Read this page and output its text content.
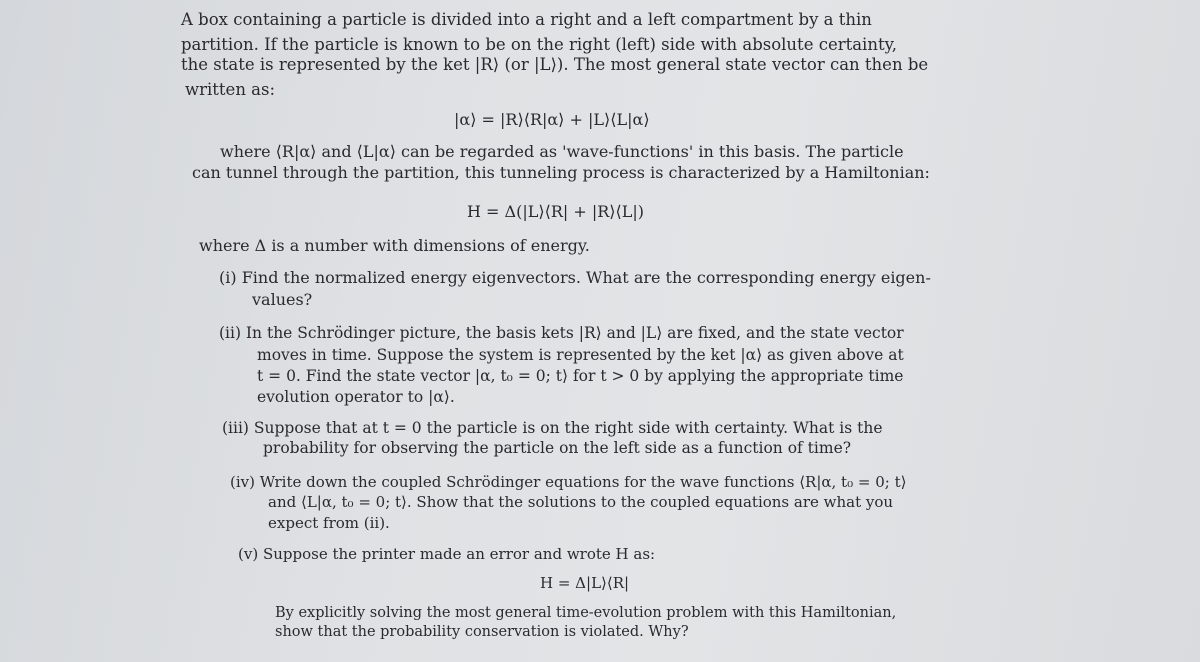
A box containing a particle is divided into a right and a left compartment by a thin
partition. If the particle is known to be on the right (left) side with absolute certainty,
the state is represented by the ket |R⟩ (or |L⟩). The most general state vector can then be
written as:
|α⟩ = |R⟩⟨R|α⟩ + |L⟩⟨L|α⟩
where ⟨R|α⟩ and ⟨L|α⟩ can be regarded as 'wave-functions' in this basis. The particle
can tunnel through the partition, this tunneling process is characterized by a Hamiltonian:
H = Δ(|L⟩⟨R| + |R⟩⟨L|)
where Δ is a number with dimensions of energy.
(i) Find the normalized energy eigenvectors. What are the corresponding energy eigen-
values?
(ii) In the Schrödinger picture, the basis kets |R⟩ and |L⟩ are fixed, and the state vector
moves in time. Suppose the system is represented by the ket |α⟩ as given above at
t = 0. Find the state vector |α, t₀ = 0; t⟩ for t > 0 by applying the appropriate time
evolution operator to |α⟩.
(iii) Suppose that at t = 0 the particle is on the right side with certainty. What is the
probability for observing the particle on the left side as a function of time?
(iv) Write down the coupled Schrödinger equations for the wave functions ⟨R|α, t₀ = 0; t⟩
and ⟨L|α, t₀ = 0; t⟩. Show that the solutions to the coupled equations are what you
expect from (ii).
(v) Suppose the printer made an error and wrote H as:
H = Δ|L⟩⟨R|
By explicitly solving the most general time-evolution problem with this Hamiltonian,
show that the probability conservation is violated. Why?
